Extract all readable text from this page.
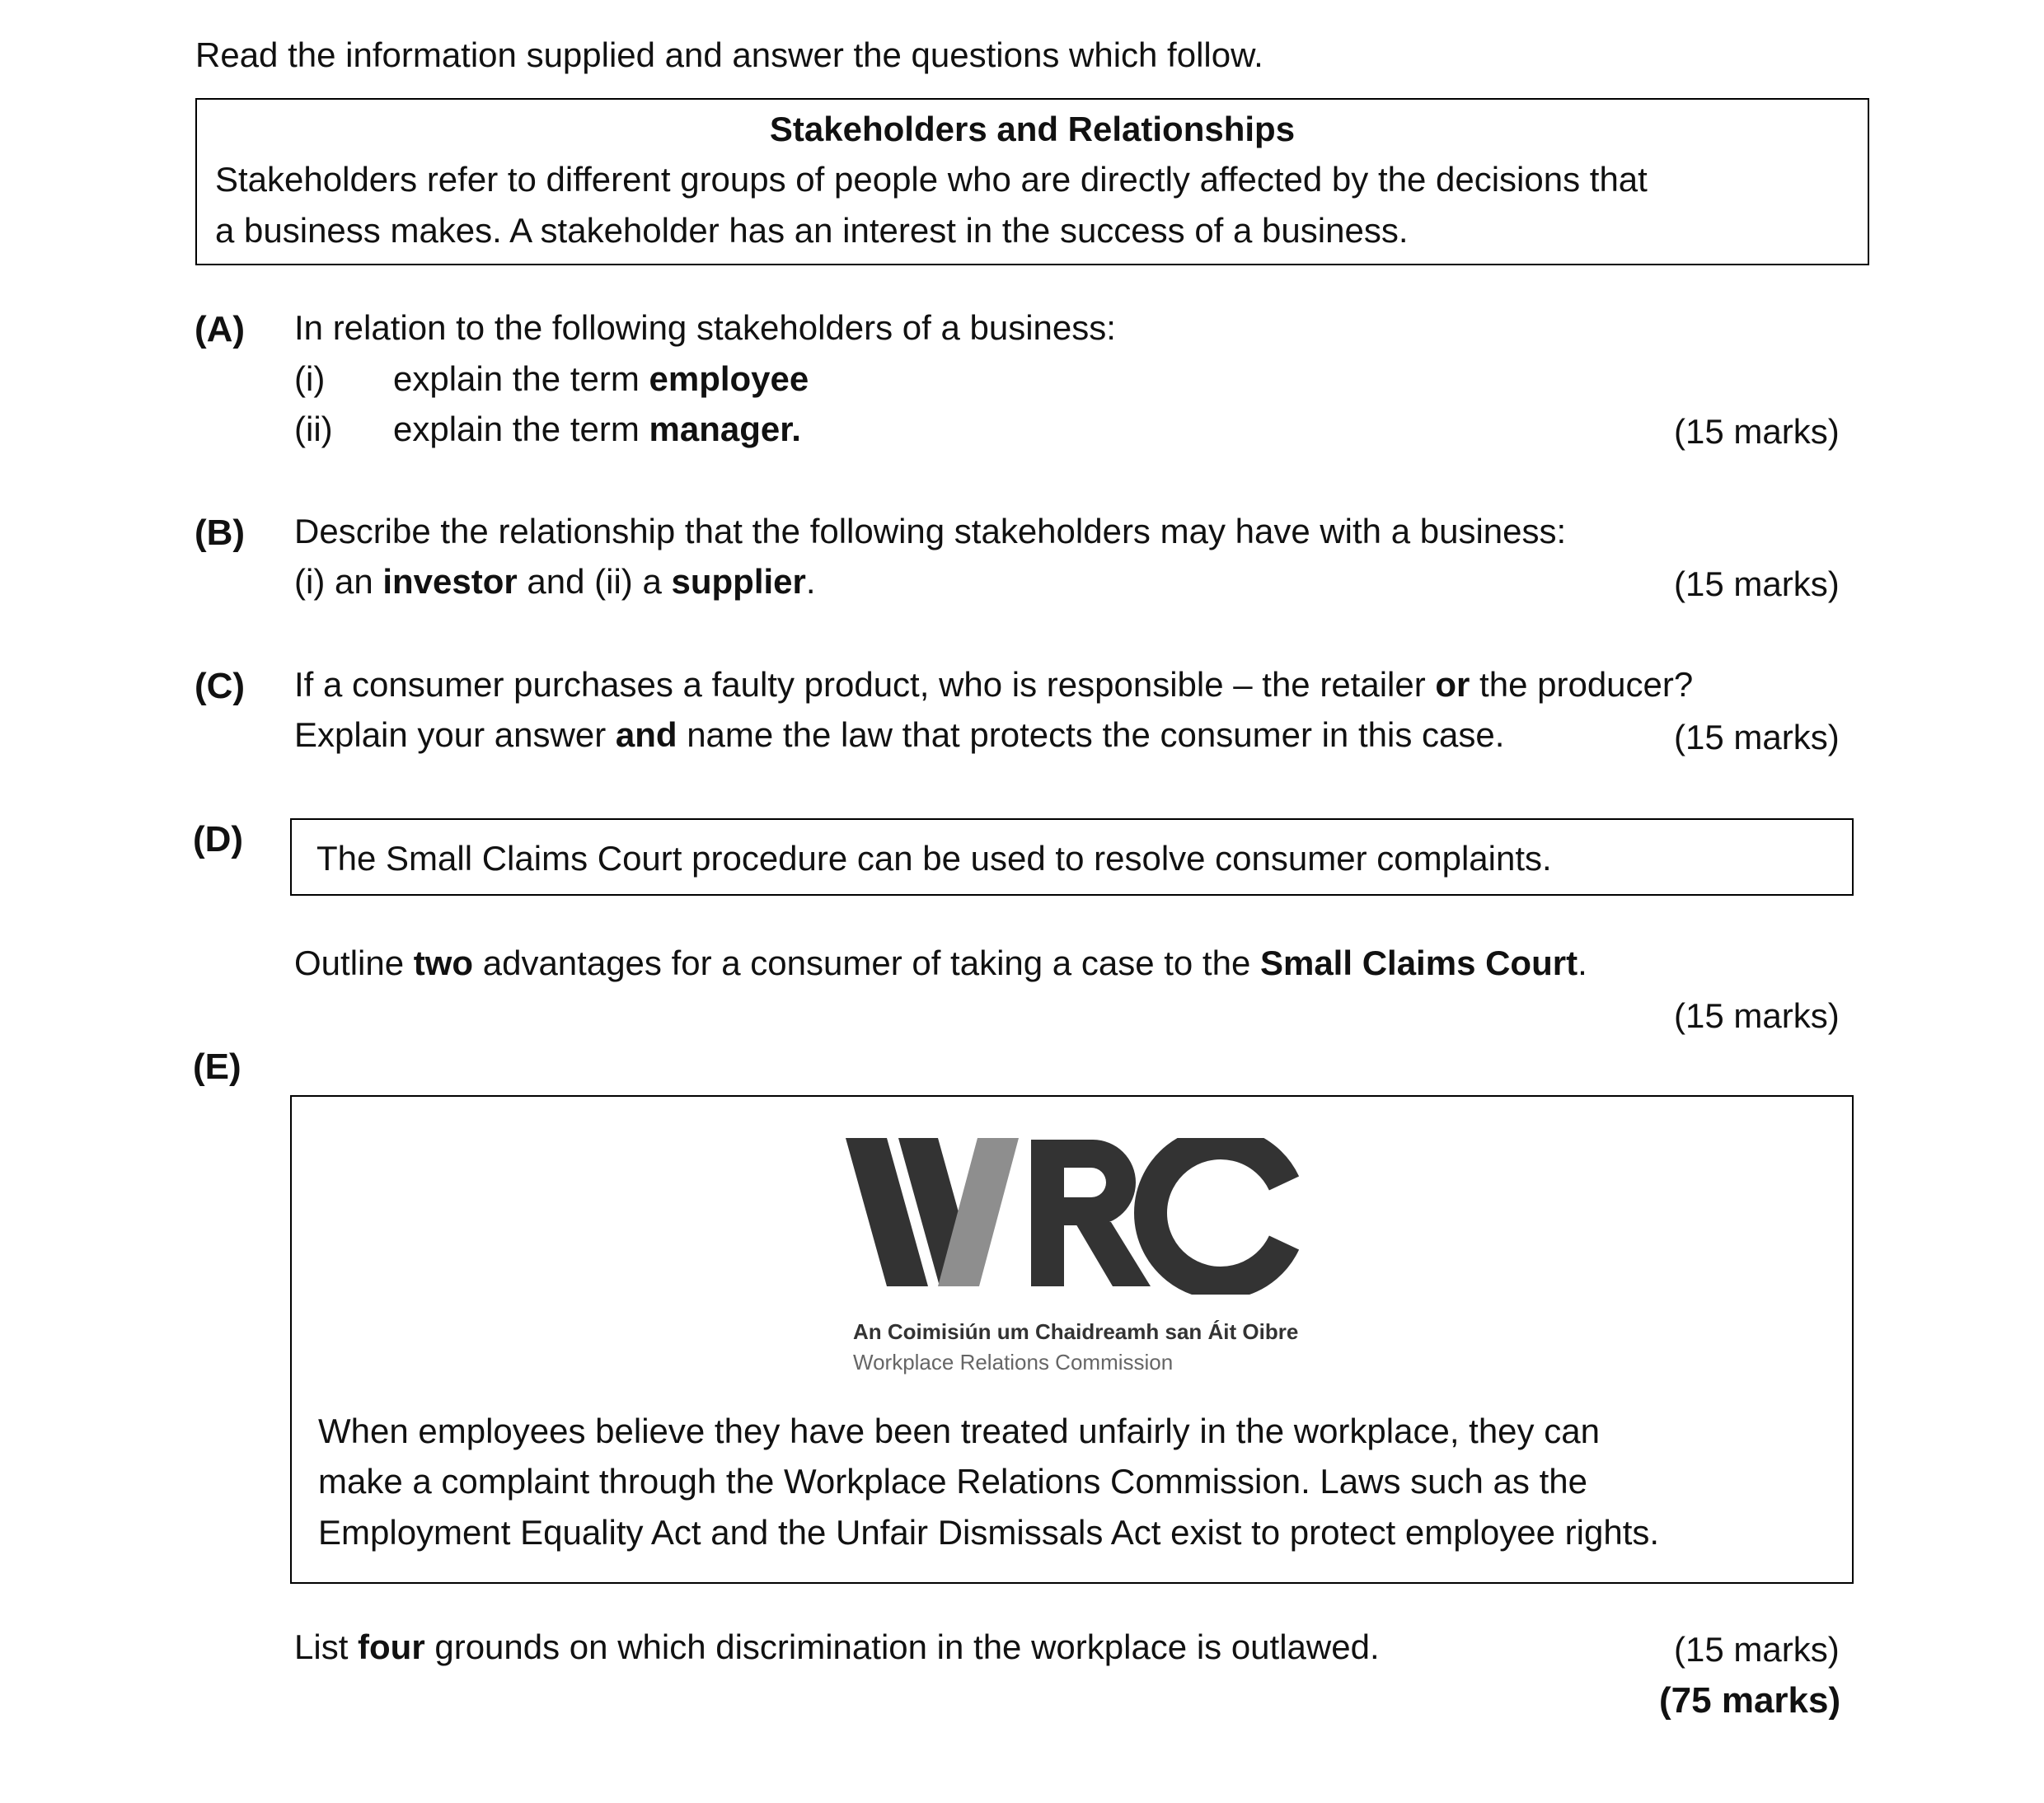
Read the information supplied and answer the questions which follow.
Stakeholders and Relationships
Stakeholders refer to different groups of people who are directly affected by the decisions that
a business makes. A stakeholder has an interest in the success of a business.
(A) In relation to the following stakeholders of a business:
(i) explain the term employee
(ii) explain the term manager.	(15 marks)
(B) Describe the relationship that the following stakeholders may have with a business:
(i) an investor and (ii) a supplier.	(15 marks)
(C) If a consumer purchases a faulty product, who is responsible – the retailer or the producer?
Explain your answer and name the law that protects the consumer in this case.	(15 marks)
(D) The Small Claims Court procedure can be used to resolve consumer complaints.
Outline two advantages for a consumer of taking a case to the Small Claims Court.
(15 marks)
(E)
An Coimisiún um Chaidreamh san Áit Oibre
Workplace Relations Commission
When employees believe they have been treated unfairly in the workplace, they can
make a complaint through the Workplace Relations Commission. Laws such as the
Employment Equality Act and the Unfair Dismissals Act exist to protect employee rights.
List four grounds on which discrimination in the workplace is outlawed.	(15 marks)
(75 marks)
